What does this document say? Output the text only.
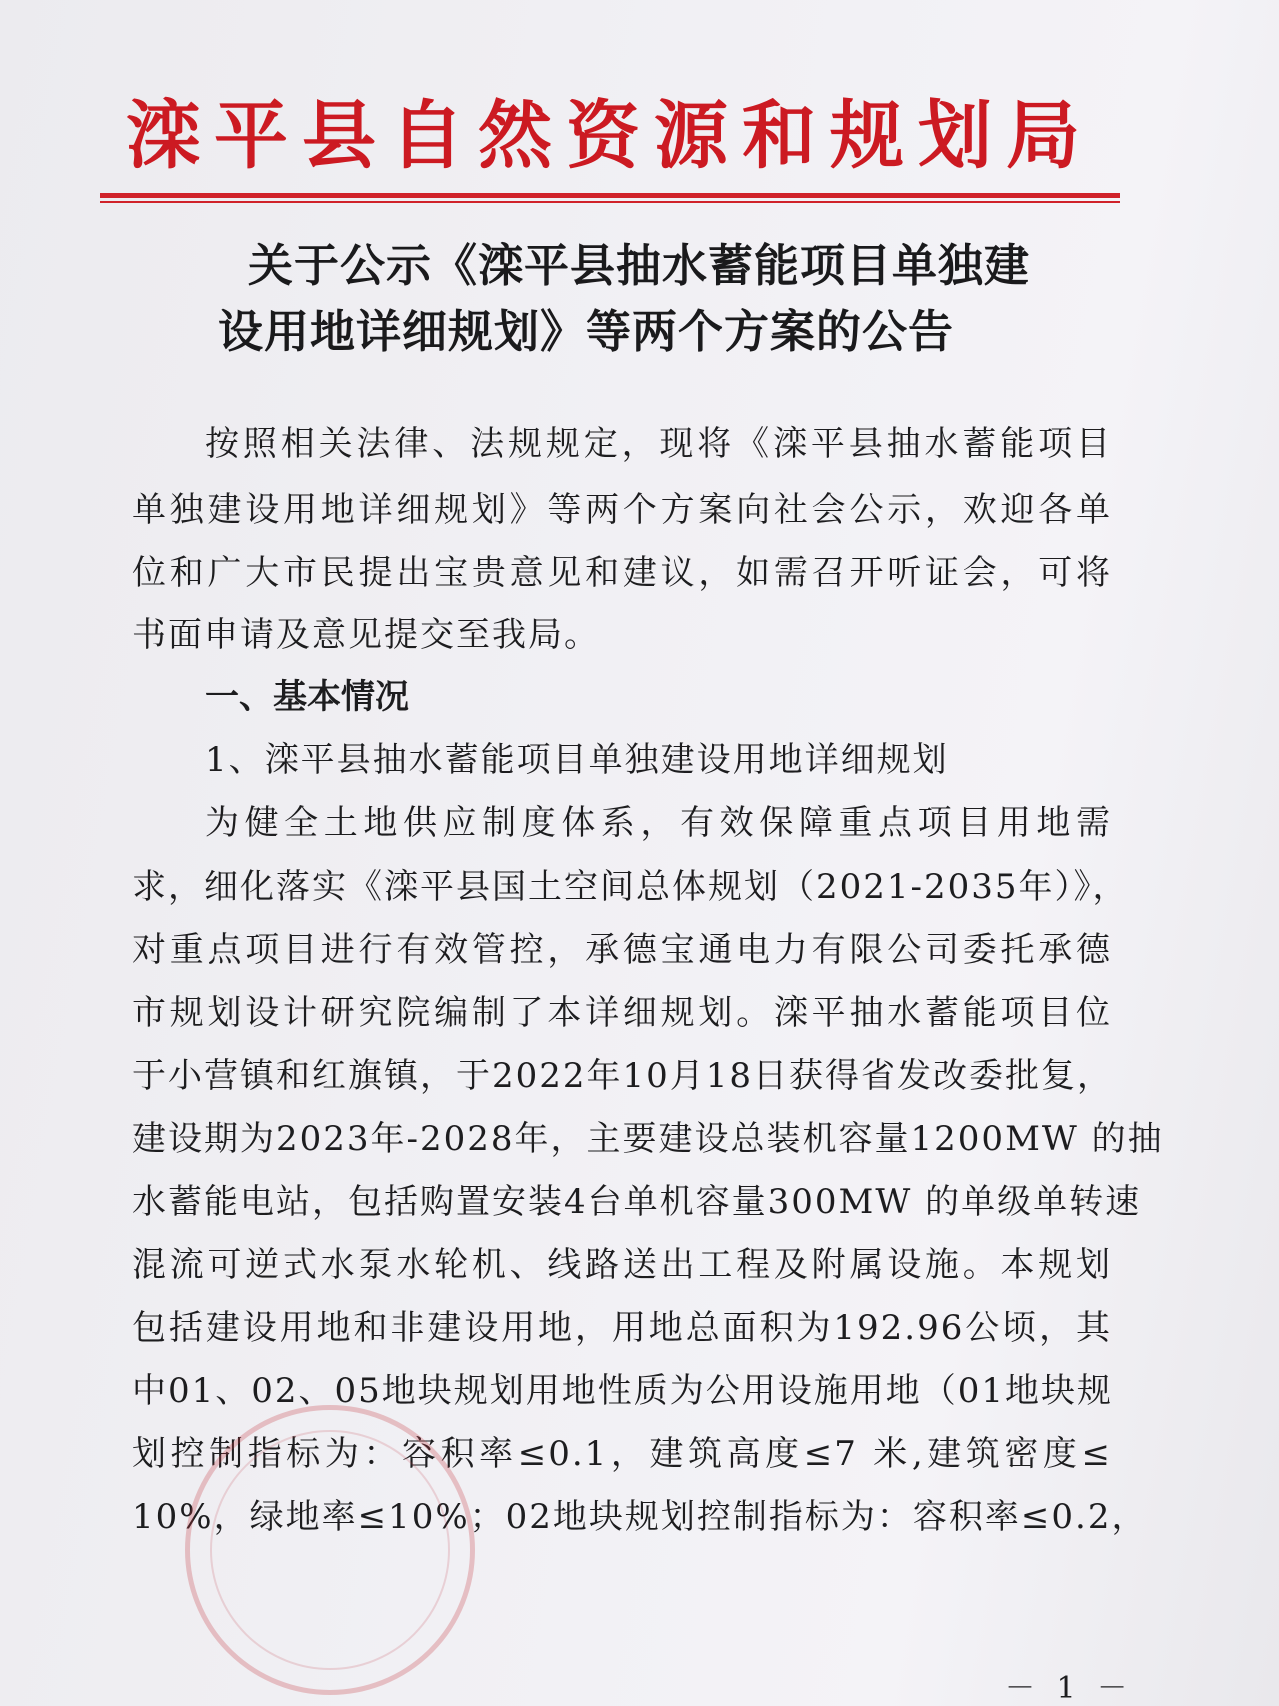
滦平县自然资源和规划局
关于公示《滦平县抽水蓄能项目单独建
设用地详细规划》等两个方案的公告
按照相关法律、法规规定，现将《滦平县抽水蓄能项目
单独建设用地详细规划》等两个方案向社会公示，欢迎各单
位和广大市民提出宝贵意见和建议，如需召开听证会，可将
书面申请及意见提交至我局。
一、基本情况
1、滦平县抽水蓄能项目单独建设用地详细规划
为健全土地供应制度体系，有效保障重点项目用地需
求，细化落实《滦平县国土空间总体规划（2021-2035年）》，
对重点项目进行有效管控，承德宝通电力有限公司委托承德
市规划设计研究院编制了本详细规划。滦平抽水蓄能项目位
于小营镇和红旗镇，于2022年10月18日获得省发改委批复，
建设期为2023年-2028年，主要建设总装机容量1200MW 的抽
水蓄能电站，包括购置安装4台单机容量300MW 的单级单转速
混流可逆式水泵水轮机、线路送出工程及附属设施。本规划
包括建设用地和非建设用地，用地总面积为192.96公顷，其
中01、02、05地块规划用地性质为公用设施用地（01地块规
划控制指标为：容积率≤0.1，建筑高度≤7 米,建筑密度≤
10%，绿地率≤10%；02地块规划控制指标为：容积率≤0.2，
－ 1 －
